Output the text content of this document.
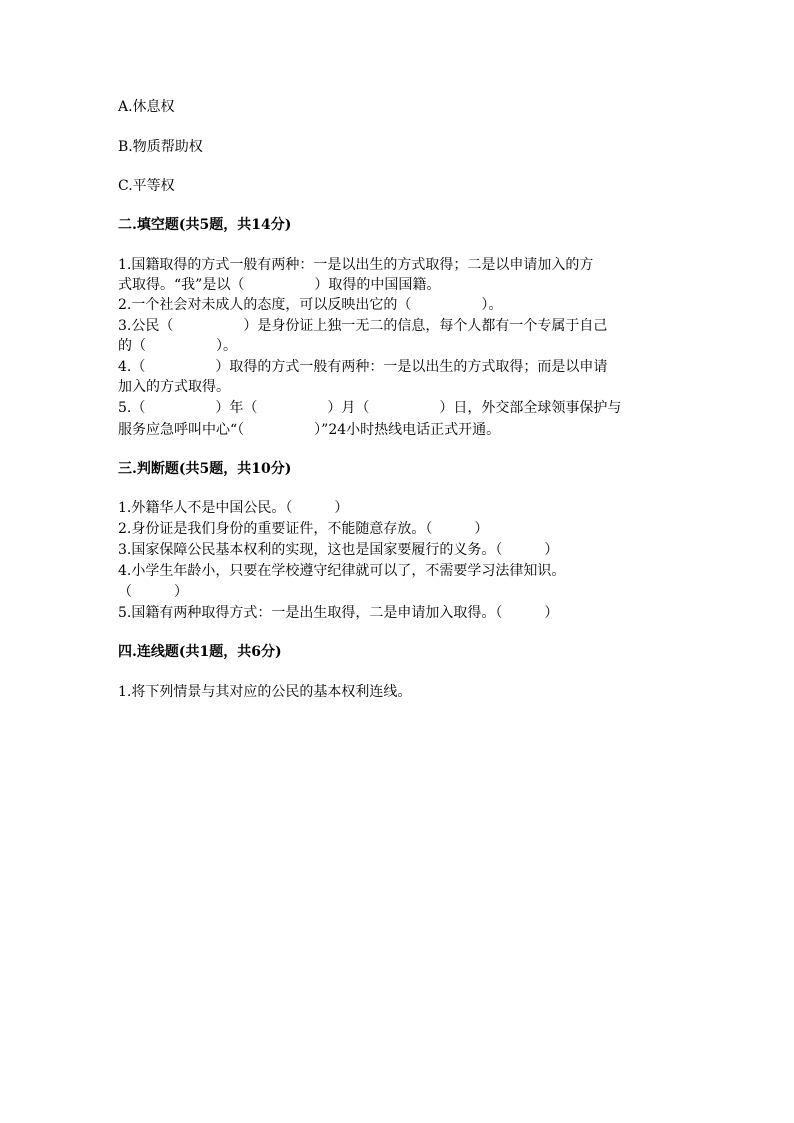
A.休息权
B.物质帮助权
C.平等权
二.填空题(共5题，共14分)
1.国籍取得的方式一般有两种：一是以出生的方式取得；二是以申请加入的方
式取得。“我”是以（　　　　　）取得的中国国籍。
2.一个社会对未成人的态度，可以反映出它的（　　　　　）。
3.公民（　　　　　）是身份证上独一无二的信息，每个人都有一个专属于自己
的（　　　　　）。
4.（　　　　　）取得的方式一般有两种：一是以出生的方式取得；而是以申请
加入的方式取得。
5.（　　　　　）年（　　　　　）月（　　　　　）日，外交部全球领事保护与
服务应急呼叫中心“（　　　　　）”24小时热线电话正式开通。
三.判断题(共5题，共10分)
1.外籍华人不是中国公民。（　　　）
2.身份证是我们身份的重要证件，不能随意存放。（　　　）
3.国家保障公民基本权利的实现，这也是国家要履行的义务。（　　　）
4.小学生年龄小，只要在学校遵守纪律就可以了，不需要学习法律知识。
（　　　）
5.国籍有两种取得方式：一是出生取得，二是申请加入取得。（　　　）
四.连线题(共1题，共6分)
1.将下列情景与其对应的公民的基本权利连线。
